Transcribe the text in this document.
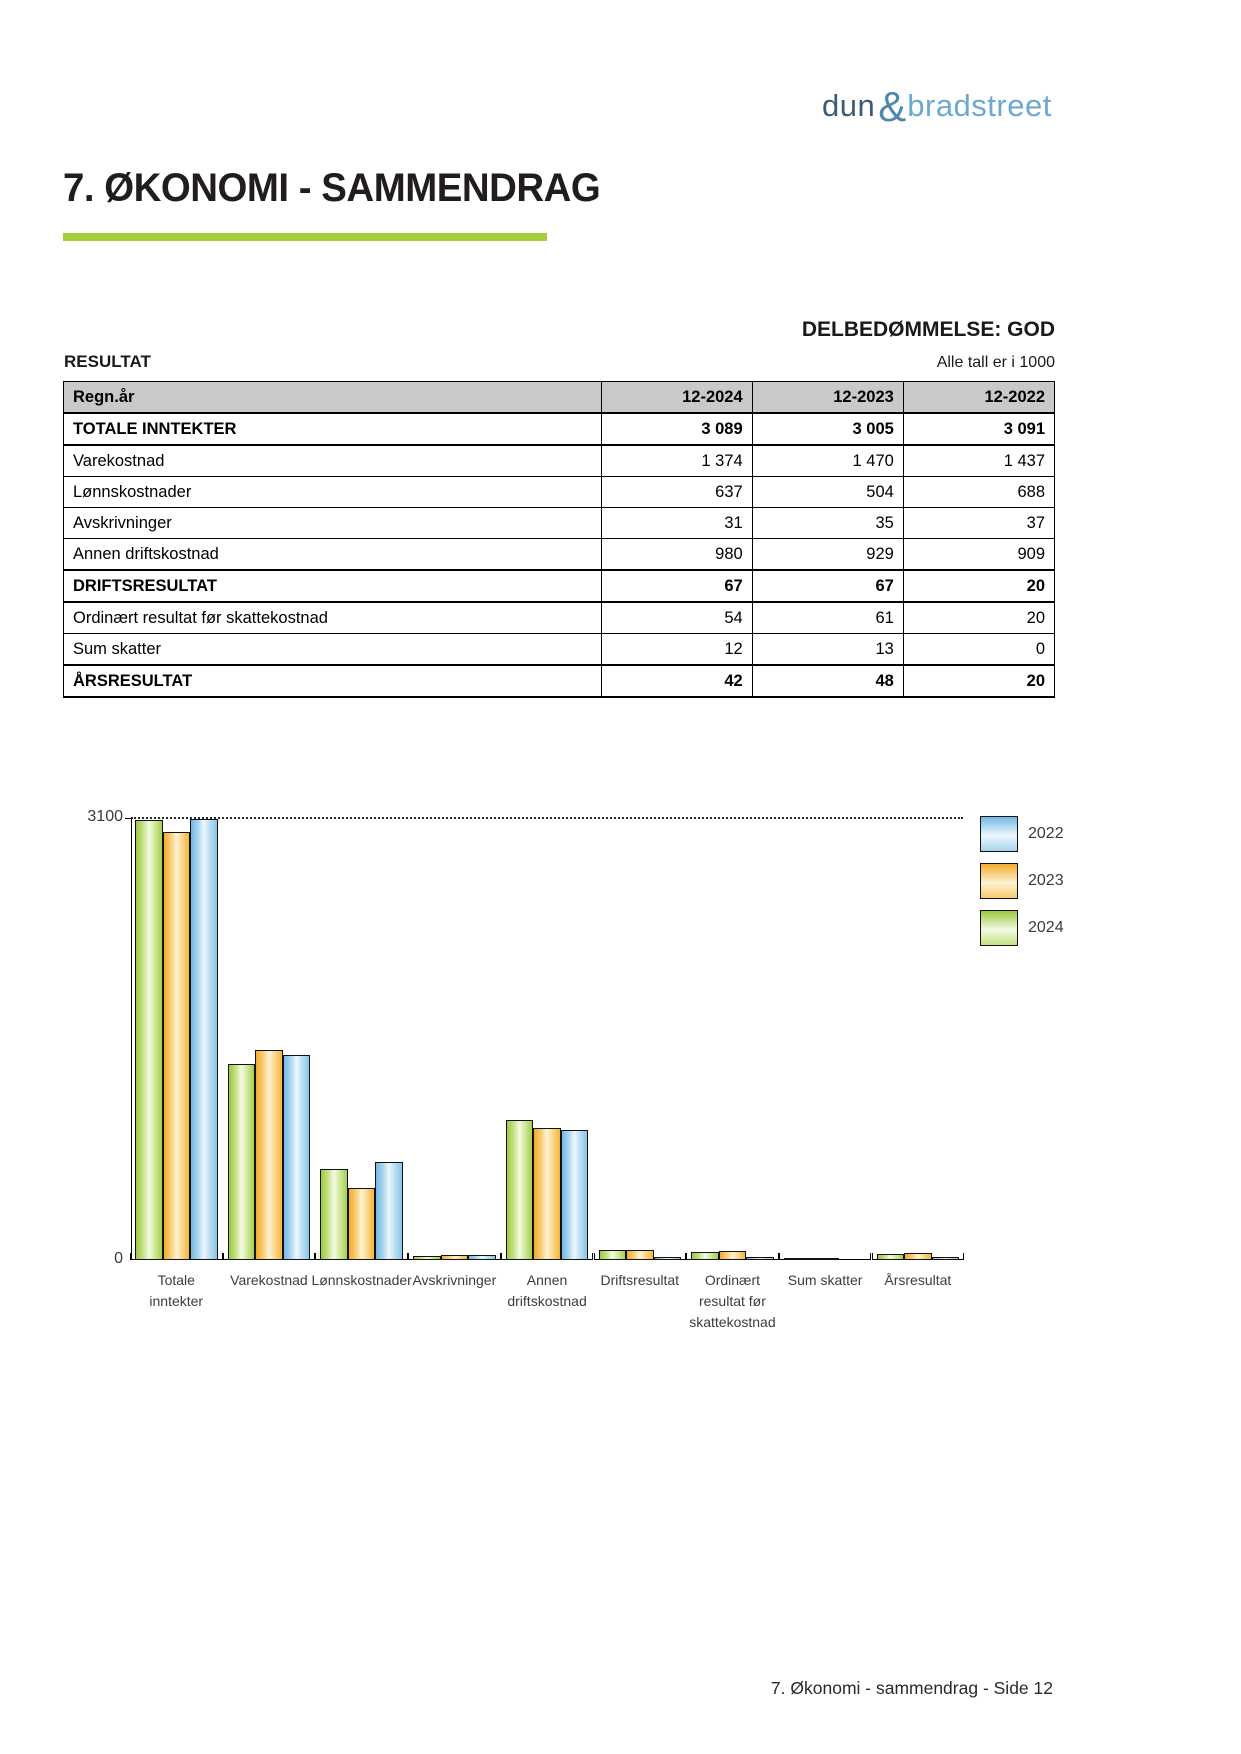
dun&bradstreet
7. ØKONOMI - SAMMENDRAG
DELBEDØMMELSE: GOD
RESULTAT	Alle tall er i 1000
Regn.år	12-2024	12-2023	12-2022
TOTALE INNTEKTER	3 089	3 005	3 091
Varekostnad	1 374	1 470	1 437
Lønnskostnader	637	504	688
Avskrivninger	31	35	37
Annen driftskostnad	980	929	909
DRIFTSRESULTAT	67	67	20
Ordinært resultat før skattekostnad	54	61	20
Sum skatter	12	13	0
ÅRSRESULTAT	42	48	20
3100
0
Totale
inntekter
Varekostnad Lønnskostnader Avskrivninger	Annen
driftskostnad
Driftsresultat	Ordinært
resultat før
skattekostnad
Sum skatter	Årsresultat
2022
2023
2024
7. Økonomi - sammendrag - Side 12
